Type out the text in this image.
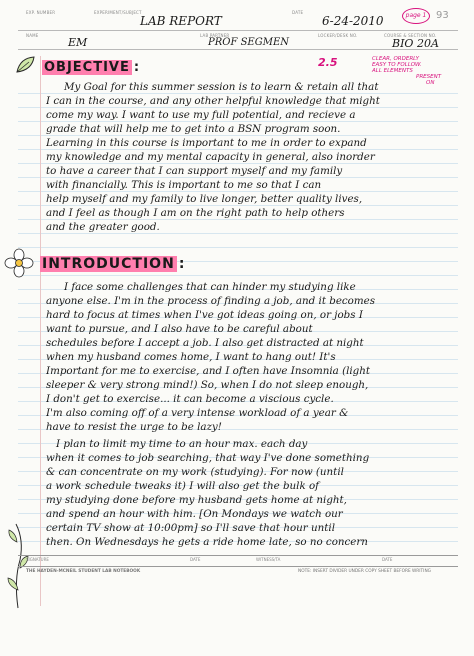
EXP. NUMBER	EXPERIMENT/SUBJECT
LAB REPORT
DATE
6-24-2010	page 1 93
NAME
EM
LAB PARTNER
PROF SEGMEN
LOCKER/DESK NO.	COURSE & SECTION NO.
BIO 20A
2.5	CLEAR, ORDERLY
EASY TO FOLLOW.
ALL ELEMENTS
PRESENT
ON
OBJECTIVE :
My Goal for this summer session is to learn & retain all that
I can in the course, and any other helpful knowledge that might
come my way. I want to use my full potential, and recieve a
grade that will help me to get into a BSN program soon.
Learning in this course is important to me in order to expand
my knowledge and my mental capacity in general, also inorder
to have a career that I can support myself and my family
with financially. This is important to me so that I can
help myself and my family to live longer, better quality lives,
and I feel as though I am on the right path to help others
and the greater good.
INTRODUCTION :
I face some challenges that can hinder my studying like
anyone else. I'm in the process of finding a job, and it becomes
hard to focus at times when I've got ideas going on, or jobs I
want to pursue, and I also have to be careful about
schedules before I accept a job. I also get distracted at night
when my husband comes home, I want to hang out! It's
Important for me to exercise, and I often have Insomnia (light
sleeper & very strong mind!) So, when I do not sleep enough,
I don't get to exercise... it can become a viscious cycle.
I'm also coming off of a very intense workload of a year &
have to resist the urge to be lazy!
I plan to limit my time to an hour max. each day
when it comes to job searching, that way I've done something
& can concentrate on my work (studying). For now (until
a work schedule tweaks it) I will also get the bulk of
my studying done before my husband gets home at night,
and spend an hour with him. [On Mondays we watch our
certain TV show at 10:00pm] so I'll save that hour until
then. On Wednesdays he gets a ride home late, so no concern
SIGNATURE	DATE	WITNESS/TA	DATE
THE HAYDEN-MCNEIL STUDENT LAB NOTEBOOK	NOTE: INSERT DIVIDER UNDER COPY SHEET BEFORE WRITING
